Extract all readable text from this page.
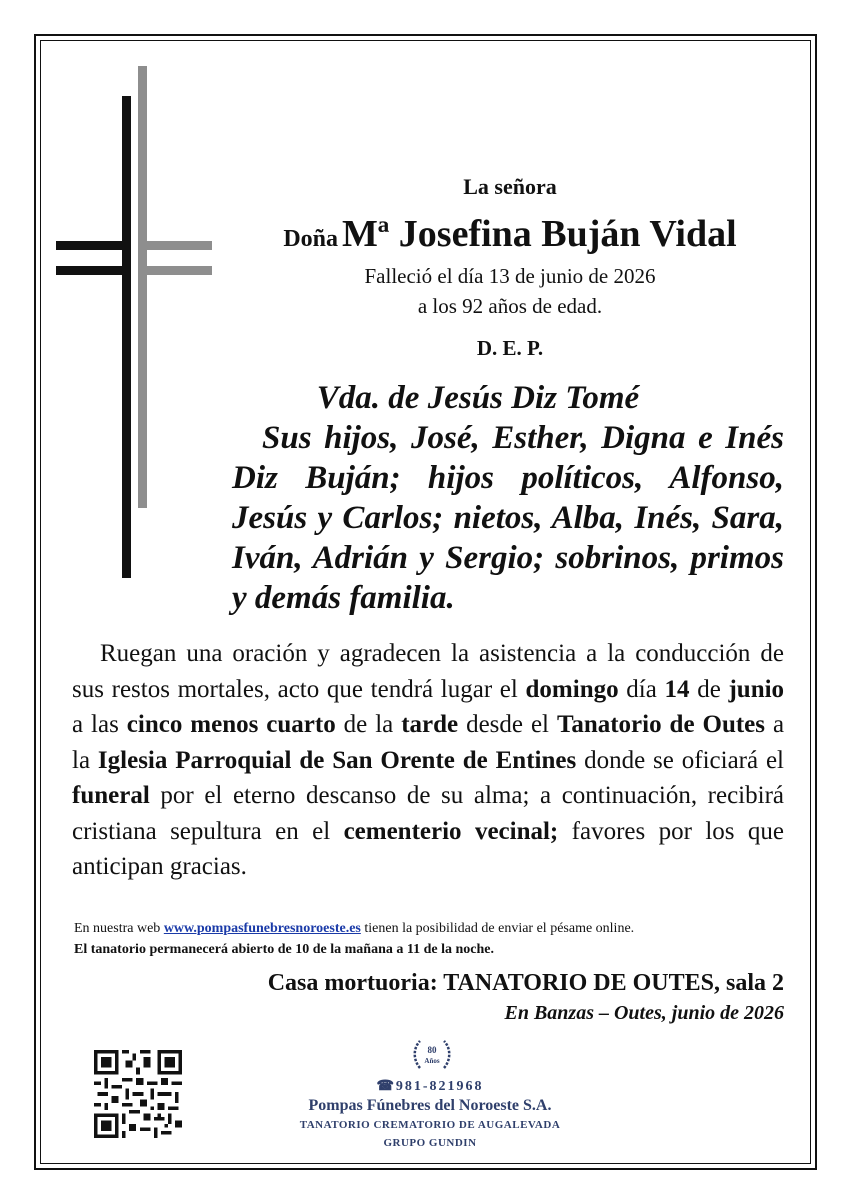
La señora
Doña Mª Josefina Buján Vidal
Falleció el día 13 de junio de 2026
a los 92 años de edad.
D. E. P.
Vda. de Jesús Diz Tomé
Sus hijos, José, Esther, Digna e Inés Diz Buján; hijos políticos, Alfonso, Jesús y Carlos; nietos, Alba, Inés, Sara, Iván, Adrián y Sergio; sobrinos, primos y demás familia.
Ruegan una oración y agradecen la asistencia a la conducción de sus restos mortales, acto que tendrá lugar el domingo día 14 de junio a las cinco menos cuarto de la tarde desde el Tanatorio de Outes a la Iglesia Parroquial de San Orente de Entines donde se oficiará el funeral por el eterno descanso de su alma; a continuación, recibirá cristiana sepultura en el cementerio vecinal; favores por los que anticipan gracias.
En nuestra web www.pompasfunebresnoroeste.es tienen la posibilidad de enviar el pésame online.
El tanatorio permanecerá abierto de 10 de la mañana a 11 de la noche.
Casa mortuoria: TANATORIO DE OUTES, sala 2
En Banzas – Outes, junio de 2026
80
Años
☎981-821968
Pompas Fúnebres del Noroeste S.A.
TANATORIO CREMATORIO DE AUGALEVADA
GRUPO GUNDIN
